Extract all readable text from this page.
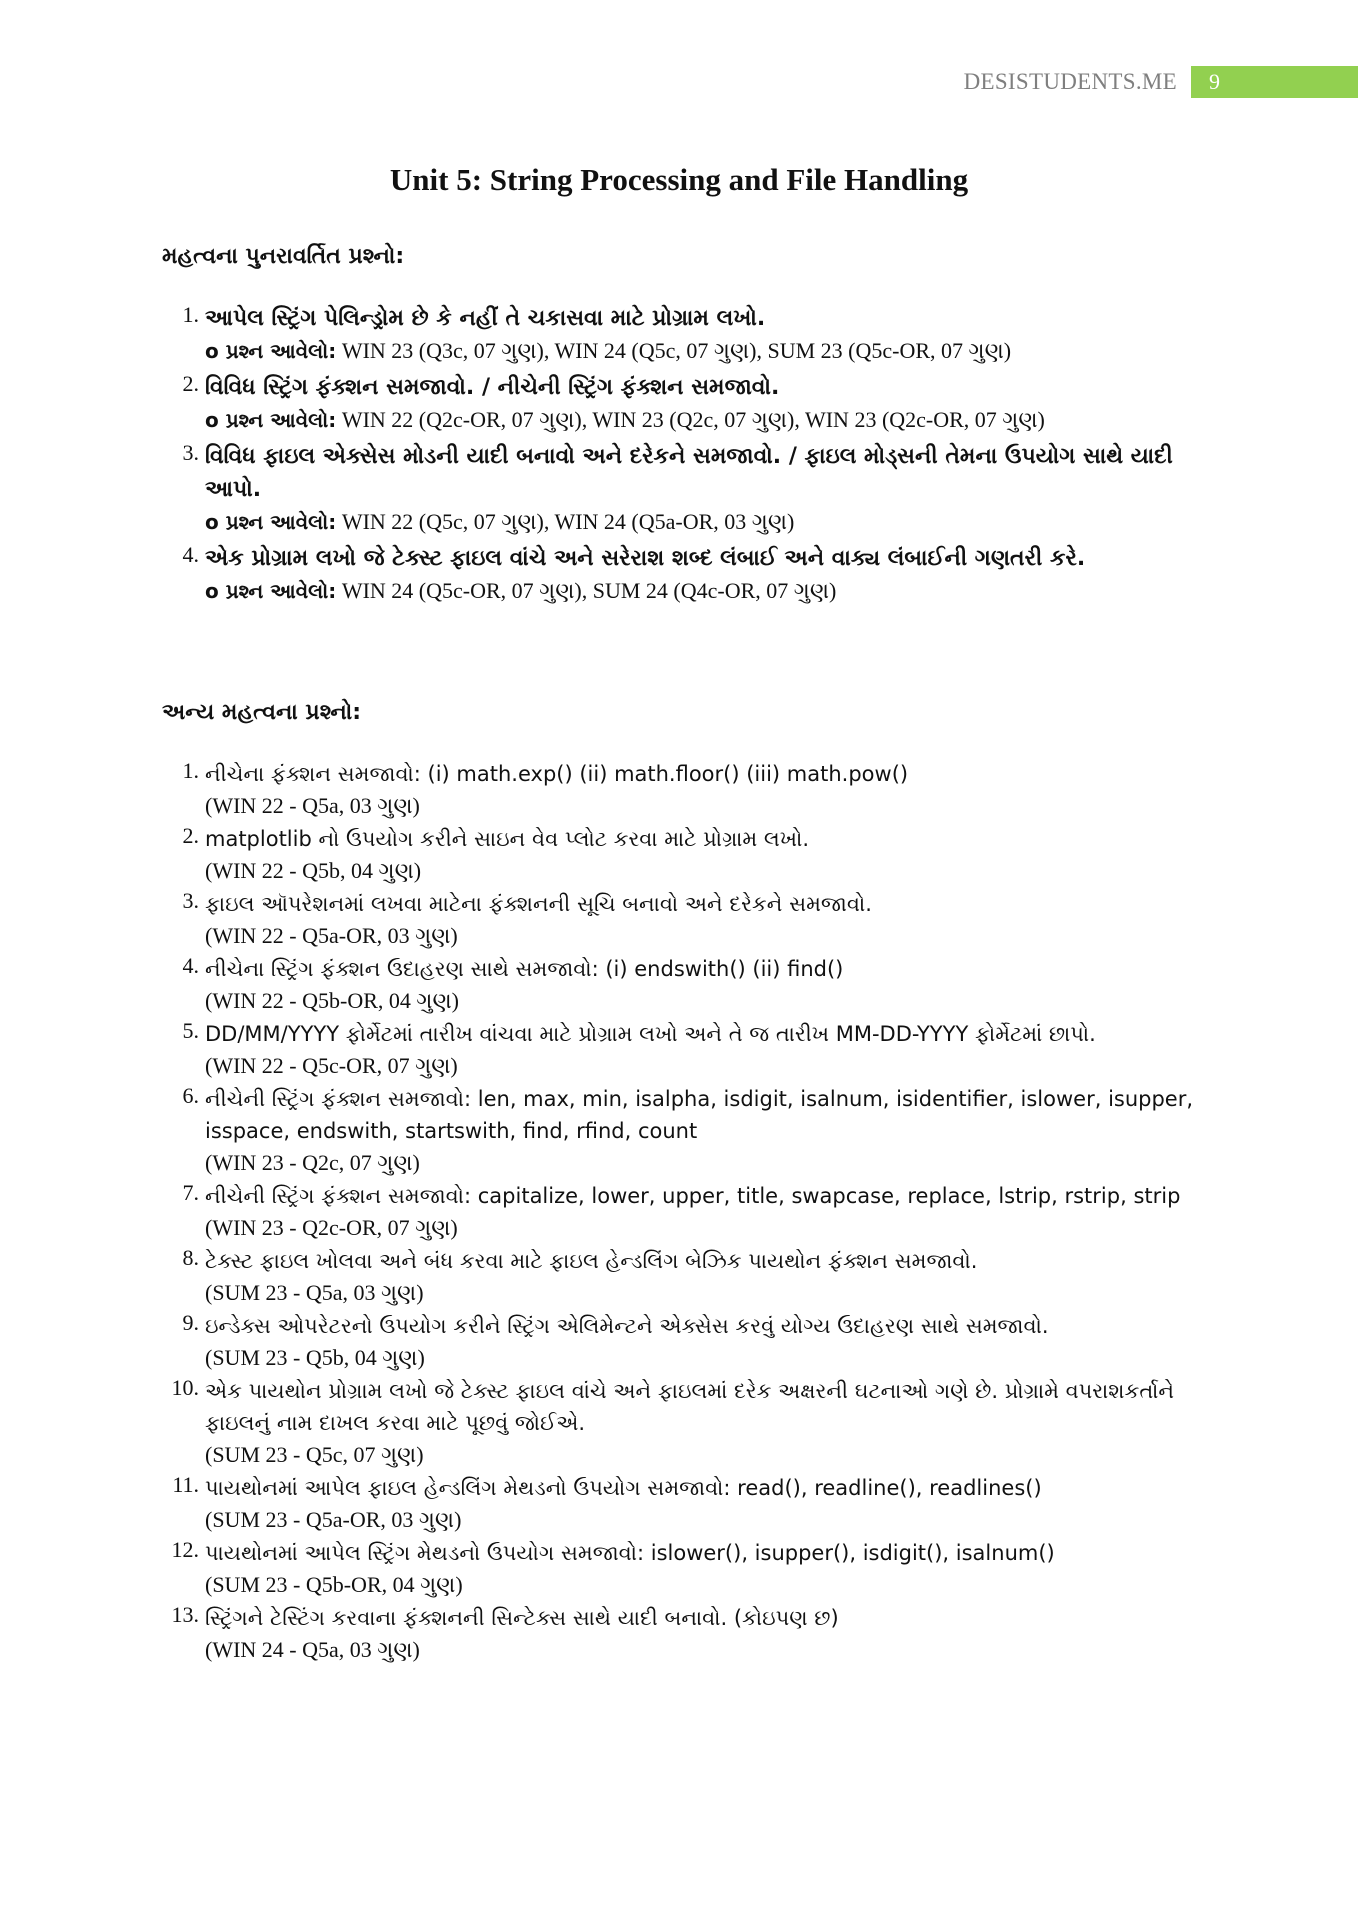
DESISTUDENTS.ME	9
Unit 5: String Processing and File Handling
મહત્વના પુનરાવર્તિત પ્રશ્નો:
1. આપેલ સ્ટ્રિંગ પેલિન્ડ્રોમ છે કે નહીં તે ચકાસવા માટે પ્રોગ્રામ લખો.
o પ્રશ્ન આવેલો: WIN 23 (Q3c, 07 ગુણ), WIN 24 (Q5c, 07 ગુણ), SUM 23 (Q5c-OR, 07 ગુણ)
2. વિવિધ સ્ટ્રિંગ ફંક્શન સમજાવો. / નીચેની સ્ટ્રિંગ ફંક્શન સમજાવો.
o પ્રશ્ન આવેલો: WIN 22 (Q2c-OR, 07 ગુણ), WIN 23 (Q2c, 07 ગુણ), WIN 23 (Q2c-OR, 07 ગુણ)
3. વિવિધ ફાઇલ એક્સેસ મોડની યાદી બનાવો અને દરેકને સમજાવો. / ફાઇલ મોડ્સની તેમના ઉપયોગ સાથે યાદી આપો.
o પ્રશ્ન આવેલો: WIN 22 (Q5c, 07 ગુણ), WIN 24 (Q5a-OR, 03 ગુણ)
4. એક પ્રોગ્રામ લખો જે ટેક્સ્ટ ફાઇલ વાંચે અને સરેરાશ શબ્દ લંબાઈ અને વાક્ય લંબાઈની ગણતરી કરે.
o પ્રશ્ન આવેલો: WIN 24 (Q5c-OR, 07 ગુણ), SUM 24 (Q4c-OR, 07 ગુણ)
અન્ય મહત્વના પ્રશ્નો:
1. નીચેના ફંક્શન સમજાવો: (i) math.exp() (ii) math.floor() (iii) math.pow()
(WIN 22 - Q5a, 03 ગુણ)
2. matplotlib નો ઉપયોગ કરીને સાઇન વેવ પ્લોટ કરવા માટે પ્રોગ્રામ લખો.
(WIN 22 - Q5b, 04 ગુણ)
3. ફાઇલ ઑપરેશનમાં લખવા માટેના ફંક્શનની સૂચિ બનાવો અને દરેકને સમજાવો.
(WIN 22 - Q5a-OR, 03 ગુણ)
4. નીચેના સ્ટ્રિંગ ફંક્શન ઉદાહરણ સાથે સમજાવો: (i) endswith() (ii) find()
(WIN 22 - Q5b-OR, 04 ગુણ)
5. DD/MM/YYYY ફોર્મેટમાં તારીખ વાંચવા માટે પ્રોગ્રામ લખો અને તે જ તારીખ MM-DD-YYYY ફોર્મેટમાં છાપો.
(WIN 22 - Q5c-OR, 07 ગુણ)
6. નીચેની સ્ટ્રિંગ ફંક્શન સમજાવો: len, max, min, isalpha, isdigit, isalnum, isidentifier, islower, isupper, isspace, endswith, startswith, find, rfind, count
(WIN 23 - Q2c, 07 ગુણ)
7. નીચેની સ્ટ્રિંગ ફંક્શન સમજાવો: capitalize, lower, upper, title, swapcase, replace, lstrip, rstrip, strip
(WIN 23 - Q2c-OR, 07 ગુણ)
8. ટેક્સ્ટ ફાઇલ ખોલવા અને બંધ કરવા માટે ફાઇલ હેન્ડલિંગ બેઝિક પાયથોન ફંક્શન સમજાવો.
(SUM 23 - Q5a, 03 ગુણ)
9. ઇન્ડેક્સ ઓપરેટરનો ઉપયોગ કરીને સ્ટ્રિંગ એલિમેન્ટને એક્સેસ કરવું યોગ્ય ઉદાહરણ સાથે સમજાવો.
(SUM 23 - Q5b, 04 ગુણ)
10. એક પાયથોન પ્રોગ્રામ લખો જે ટેક્સ્ટ ફાઇલ વાંચે અને ફાઇલમાં દરેક અક્ષરની ઘટનાઓ ગણે છે. પ્રોગ્રામે વપરાશકર્તાને ફાઇલનું નામ દાખલ કરવા માટે પૂછવું જોઈએ.
(SUM 23 - Q5c, 07 ગુણ)
11. પાયથોનમાં આપેલ ફાઇલ હેન્ડલિંગ મેથડનો ઉપયોગ સમજાવો: read(), readline(), readlines()
(SUM 23 - Q5a-OR, 03 ગુણ)
12. પાયથોનમાં આપેલ સ્ટ્રિંગ મેથડનો ઉપયોગ સમજાવો: islower(), isupper(), isdigit(), isalnum()
(SUM 23 - Q5b-OR, 04 ગુણ)
13. સ્ટ્રિંગને ટેસ્ટિંગ કરવાના ફંક્શનની સિન્ટેક્સ સાથે યાદી બનાવો. (કોઇપણ છ)
(WIN 24 - Q5a, 03 ગુણ)
